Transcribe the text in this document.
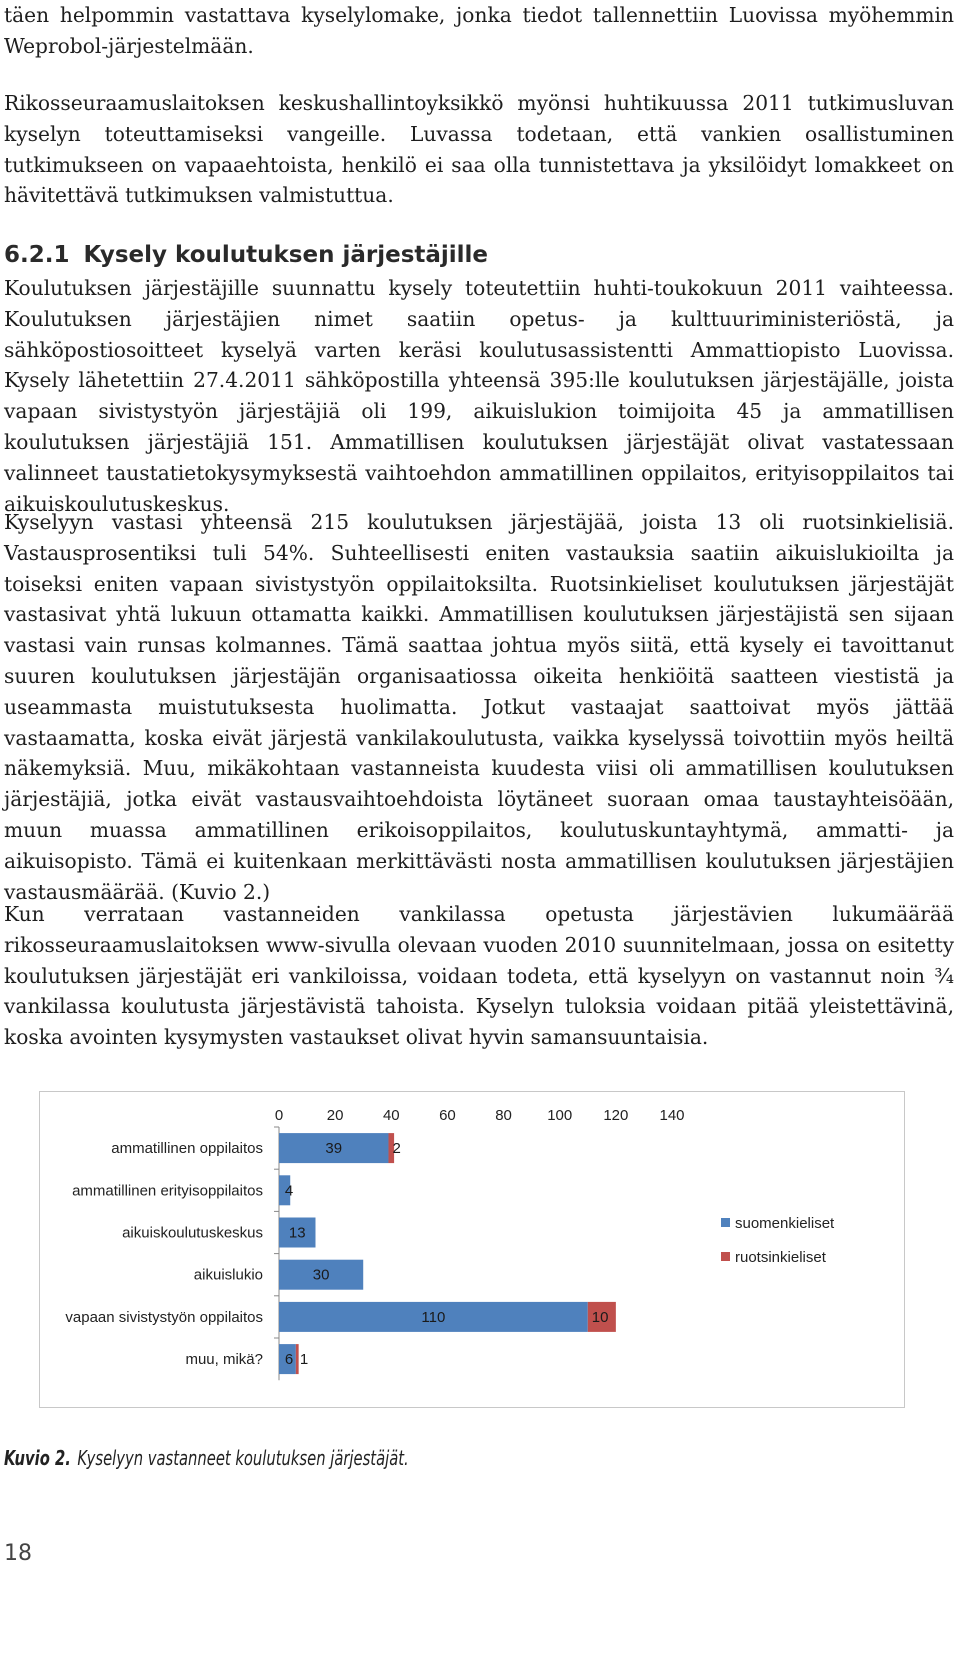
täen helpommin vastattava kyselylomake, jonka tiedot tallennettiin Luovissa myöhemmin Weprobol-järjestelmään.

Rikosseuraamuslaitoksen keskushallintoyksikkö myönsi huhtikuussa 2011 tutkimusluvan kyselyn toteuttamiseksi vangeille. Luvassa todetaan, että vankien osallistuminen tutkimukseen on vapaaehtoista, henkilö ei saa olla tunnistettava ja yksilöidyt lomakkeet on hävitettävä tutkimuksen valmistuttua.

6.2.1 Kysely koulutuksen järjestäjille

Koulutuksen järjestäjille suunnattu kysely toteutettiin huhti-toukokuun 2011 vaihteessa. Koulutuksen järjestäjien nimet saatiin opetus- ja kulttuuriministeriöstä, ja sähköpostiosoitteet kyselyä varten keräsi koulutusassistentti Ammattiopisto Luovissa. Kysely lähetettiin 27.4.2011 sähköpostilla yhteensä 395:lle koulutuksen järjestäjälle, joista vapaan sivistystyön järjestäjiä oli 199, aikuislukion toimijoita 45 ja ammatillisen koulutuksen järjestäjiä 151. Ammatillisen koulutuksen järjestäjät olivat vastatessaan valinneet taustatietokysymyksestä vaihtoehdon ammatillinen oppilaitos, erityisoppilaitos tai aikuiskoulutuskeskus.

Kyselyyn vastasi yhteensä 215 koulutuksen järjestäjää, joista 13 oli ruotsinkielisiä. Vastausprosentiksi tuli 54%. Suhteellisesti eniten vastauksia saatiin aikuislukioilta ja toiseksi eniten vapaan sivistystyön oppilaitoksilta. Ruotsinkieliset koulutuksen järjestäjät vastasivat yhtä lukuun ottamatta kaikki. Ammatillisen koulutuksen järjestäjistä sen sijaan vastasi vain runsas kolmannes. Tämä saattaa johtua myös siitä, että kysely ei tavoittanut suuren koulutuksen järjestäjän organisaatiossa oikeita henkiöitä saatteen viestistä ja useammasta muistutuksesta huolimatta. Jotkut vastaajat saattoivat myös jättää vastaamatta, koska eivät järjestä vankilakoulutusta, vaikka kyselyssä toivottiin myös heiltä näkemyksiä. Muu, mikäkohtaan vastanneista kuudesta viisi oli ammatillisen koulutuksen järjestäjiä, jotka eivät vastausvaihtoehdoista löytäneet suoraan omaa taustayhteisöään, muun muassa ammatillinen erikoisoppilaitos, koulutuskuntayhtymä, ammatti- ja aikuisopisto. Tämä ei kuitenkaan merkittävästi nosta ammatillisen koulutuksen järjestäjien vastausmäärää. (Kuvio 2.)

Kun verrataan vastanneiden vankilassa opetusta järjestävien lukumäärää rikosseuraamuslaitoksen www-sivulla olevaan vuoden 2010 suunnitelmaan, jossa on esitetty koulutuksen järjestäjät eri vankiloissa, voidaan todeta, että kyselyyn on vastannut noin ¾ vankilassa koulutusta järjestävistä tahoista. Kyselyn tuloksia voidaan pitää yleistettävinä, koska avointen kysymysten vastaukset olivat hyvin samansuuntaisia.

0	20	40	60	80 100 120 140
ammatillinen oppilaitos	39	2
ammatillinen erityisoppilaitos 4
aikuiskoulutuskeskus 13
aikuislukio	30
vapaan sivistystyön oppilaitos	110	10
muu, mikä? 6 1
suomenkieliset
ruotsinkieliset
Kuvio 2. Kyselyyn vastanneet koulutuksen järjestäjät.
18
